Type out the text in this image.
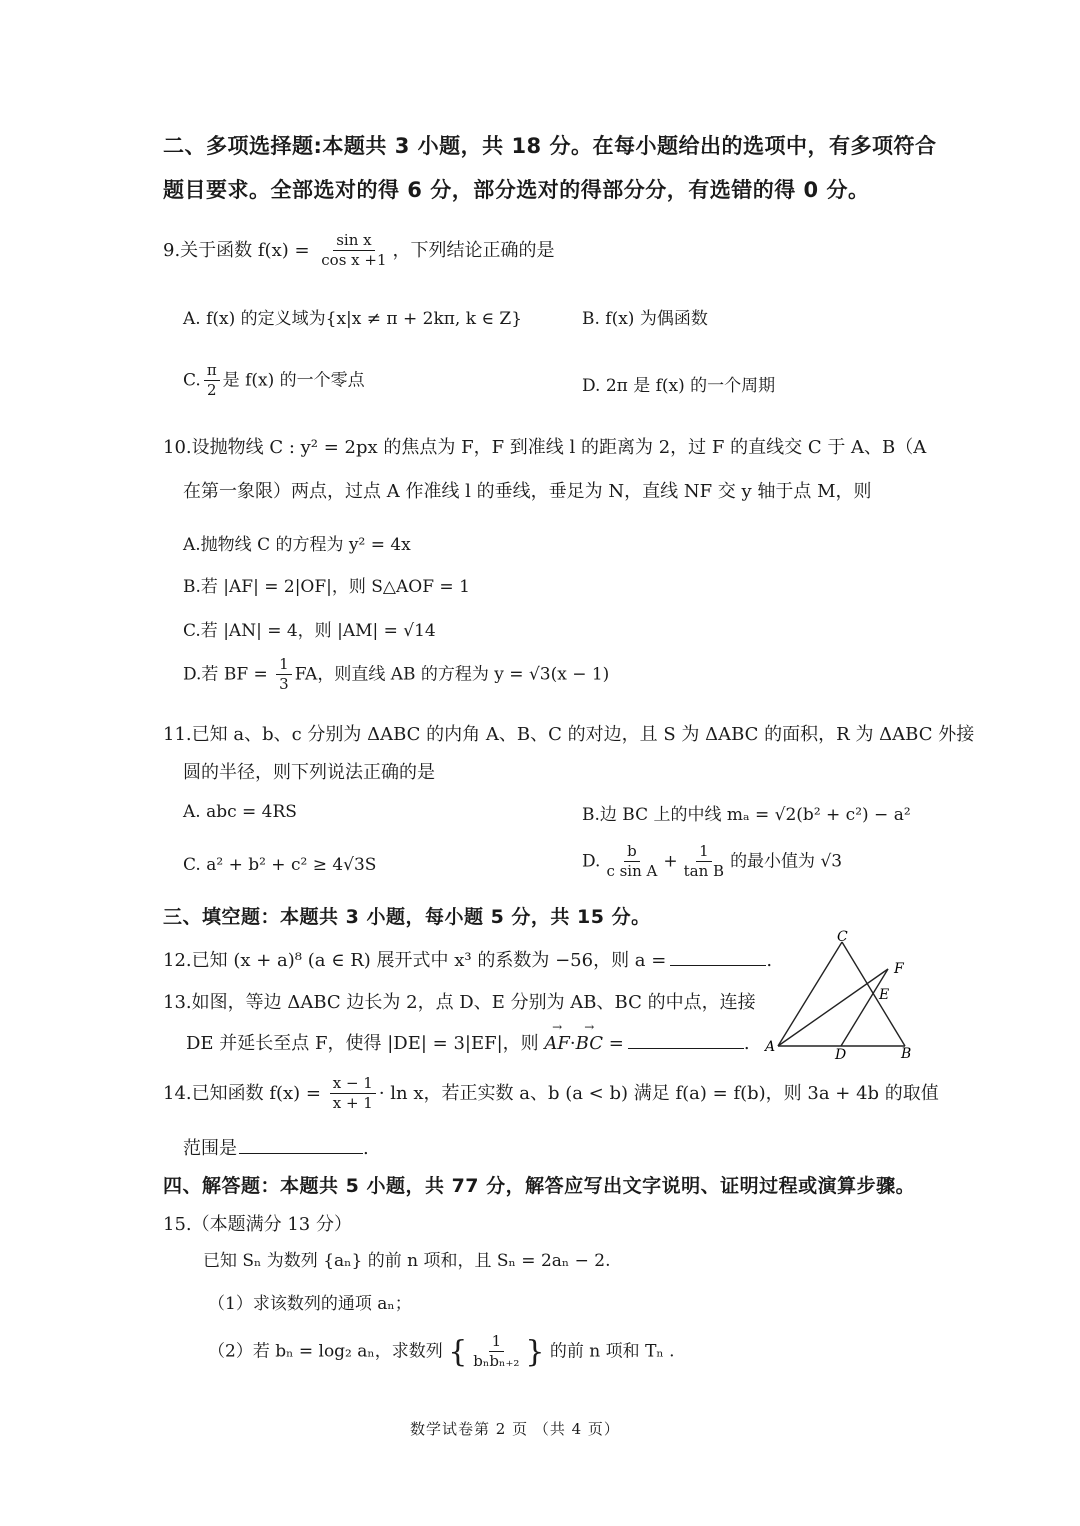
二、多项选择题:本题共 3 小题，共 18 分。在每小题给出的选项中，有多项符合
题目要求。全部选对的得 6 分，部分选对的得部分分，有选错的得 0 分。
9.关于函数 $f(x) = \frac{\text{sin x}}{\text{cos x +1}}$ ，下列结论正确的是
A. f(x) 的定义域为{x|x ≠ π + 2kπ, k ∈ Z}	B. f(x) 为偶函数
C. $\frac{\pi}{2}$ 是 f(x) 的一个零点	D. 2π 是 f(x) 的一个周期
10.设抛物线 C : y² = 2px 的焦点为 F，F 到准线 l 的距离为 2，过 F 的直线交 C 于 A、B（A
在第一象限）两点，过点 A 作准线 l 的垂线，垂足为 N，直线 NF 交 y 轴于点 M，则
A.抛物线 C 的方程为 y² = 4x
B.若 |AF| = 2|OF|，则 S△AOF = 1
C.若 |AN| = 4，则 |AM| = √14
D.若 BF = $\frac{1}{3}$ FA，则直线 AB 的方程为 y = √3(x − 1)
11.已知 a、b、c 分别为 ΔABC 的内角 A、B、C 的对边，且 S 为 ΔABC 的面积，R 为 ΔABC 外接
圆的半径，则下列说法正确的是
A. abc = 4RS	B.边 BC 上的中线 mₐ = √2(b² + c²) − a²
C. a² + b² + c² ≥ 4√3S	D. $\frac{b}{\text{c sin A}} + \frac{1}{\text{tan B}}$ 的最小值为 √3
三、填空题：本题共 3 小题，每小题 5 分，共 15 分。
12.已知 (x + a)⁸ (a ∈ R) 展开式中 x³ 的系数为 −56，则 a =	.
13.如图，等边 ΔABC 边长为 2，点 D、E 分别为 AB、BC 的中点，连接
DE 并延长至点 F，使得 |DE| = 3|EF|，则 → AF·→ BC =	. A	B
C
D
E
F
14.已知函数 $f(x) = \frac{x - 1}{x + 1} \cdot \ln x$，若正实数 a、b (a < b) 满足 f(a) = f(b)，则 3a + 4b 的取值
范围是	.
四、解答题：本题共 5 小题，共 77 分，解答应写出文字说明、证明过程或演算步骤。
15.（本题满分 13 分）
已知 Sₙ 为数列 {aₙ} 的前 n 项和，且 Sₙ = 2aₙ − 2.
（1）求该数列的通项 aₙ；
（2）若 bₙ = log₂ aₙ，求数列 { $\frac{1}{\text{bₙbₙ₊₂}}$ } 的前 n 项和 Tₙ .
数学试卷第 2 页 （共 4 页）
